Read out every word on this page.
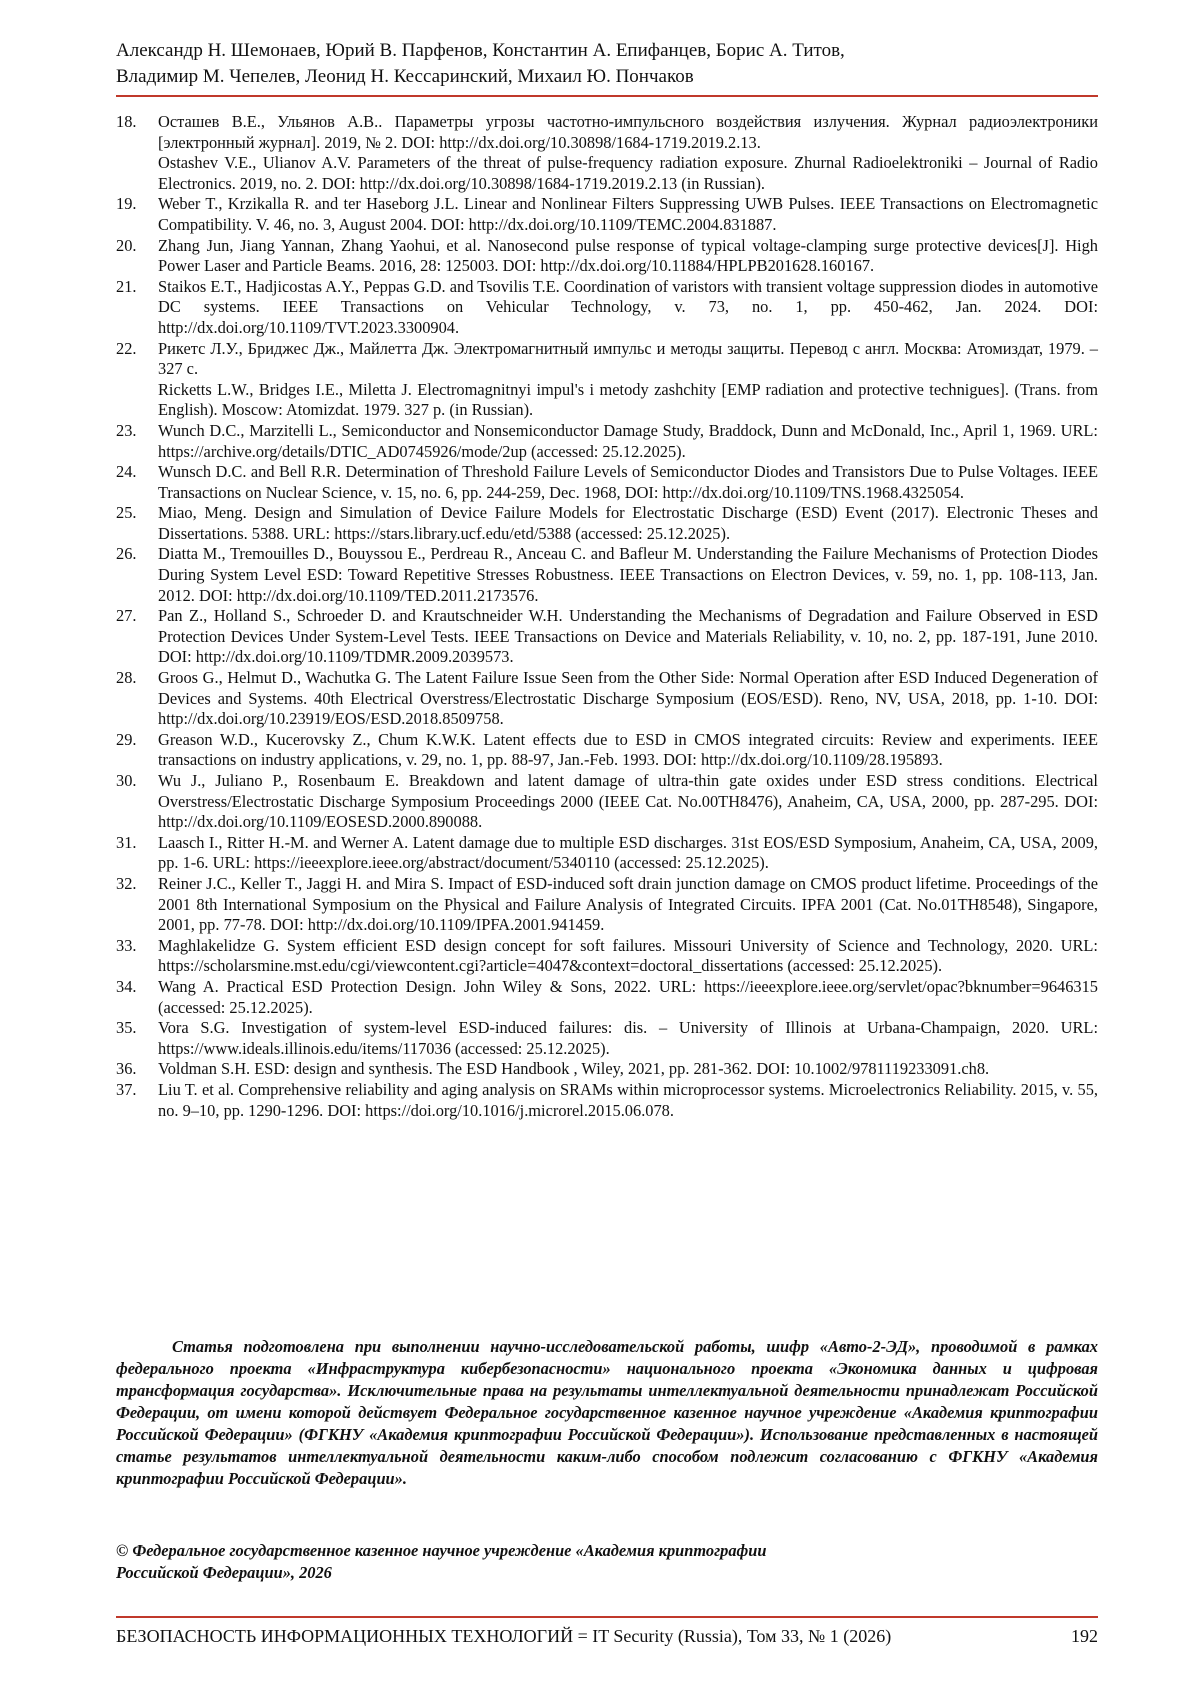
Александр Н. Шемонаев, Юрий В. Парфенов, Константин А. Епифанцев, Борис А. Титов,
Владимир М. Чепелев, Леонид Н. Кессаринский, Михаил Ю. Пончаков
18.	Осташев В.Е., Ульянов А.В.. Параметры угрозы частотно-импульсного воздействия излучения. Журнал радиоэлектроники [электронный журнал]. 2019, № 2. DOI: http://dx.doi.org/10.30898/1684-1719.2019.2.13.

Ostashev V.E., Ulianov A.V. Parameters of the threat of pulse-frequency radiation exposure. Zhurnal Radioelektroniki – Journal of Radio Electronics. 2019, no. 2. DOI: http://dx.doi.org/10.30898/1684-1719.2019.2.13 (in Russian).

19.	Weber T., Krzikalla R. and ter Haseborg J.L. Linear and Nonlinear Filters Suppressing UWB Pulses. IEEE Transactions on Electromagnetic Compatibility. V. 46, no. 3, August 2004. DOI: http://dx.doi.org/10.1109/TEMC.2004.831887.

20.	Zhang Jun, Jiang Yannan, Zhang Yaohui, et al. Nanosecond pulse response of typical voltage-clamping surge protective devices[J]. High Power Laser and Particle Beams. 2016, 28: 125003. DOI: http://dx.doi.org/10.11884/HPLPB201628.160167.

21.	Staikos E.T., Hadjicostas A.Y., Peppas G.D. and Tsovilis T.E. Coordination of varistors with transient voltage suppression diodes in automotive DC systems. IEEE Transactions on Vehicular Technology, v. 73, no. 1, pp. 450-462, Jan. 2024. DOI: http://dx.doi.org/10.1109/TVT.2023.3300904.

22.	Рикетс Л.У., Бриджес Дж., Майлетта Дж. Электромагнитный импульс и методы защиты. Перевод с англ. Москва: Атомиздат, 1979. – 327 с.

Ricketts L.W., Bridges I.E., Miletta J. Electromagnitnyi impul's i metody zashchity [EMP radiation and protective technigues]. (Trans. from English). Moscow: Atomizdat. 1979. 327 p. (in Russian).

23.	Wunch D.C., Marzitelli L., Semiconductor and Nonsemiconductor Damage Study, Braddock, Dunn and McDonald, Inc., April 1, 1969. URL: https://archive.org/details/DTIC_AD0745926/mode/2up (accessed: 25.12.2025).

24.	Wunsch D.C. and Bell R.R. Determination of Threshold Failure Levels of Semiconductor Diodes and Transistors Due to Pulse Voltages. IEEE Transactions on Nuclear Science, v. 15, no. 6, pp. 244-259, Dec. 1968, DOI: http://dx.doi.org/10.1109/TNS.1968.4325054.

25.	Miao, Meng. Design and Simulation of Device Failure Models for Electrostatic Discharge (ESD) Event (2017). Electronic Theses and Dissertations. 5388. URL: https://stars.library.ucf.edu/etd/5388 (accessed: 25.12.2025).

26.	Diatta M., Tremouilles D., Bouyssou E., Perdreau R., Anceau C. and Bafleur M. Understanding the Failure Mechanisms of Protection Diodes During System Level ESD: Toward Repetitive Stresses Robustness. IEEE Transactions on Electron Devices, v. 59, no. 1, pp. 108-113, Jan. 2012. DOI: http://dx.doi.org/10.1109/TED.2011.2173576.

27.	Pan Z., Holland S., Schroeder D. and Krautschneider W.H. Understanding the Mechanisms of Degradation and Failure Observed in ESD Protection Devices Under System-Level Tests. IEEE Transactions on Device and Materials Reliability, v. 10, no. 2, pp. 187-191, June 2010. DOI: http://dx.doi.org/10.1109/TDMR.2009.2039573.

28.	Groos G., Helmut D., Wachutka G. The Latent Failure Issue Seen from the Other Side: Normal Operation after ESD Induced Degeneration of Devices and Systems. 40th Electrical Overstress/Electrostatic Discharge Symposium (EOS/ESD). Reno, NV, USA, 2018, pp. 1-10. DOI: http://dx.doi.org/10.23919/EOS/ESD.2018.8509758.

29.	Greason W.D., Kucerovsky Z., Chum K.W.K. Latent effects due to ESD in CMOS integrated circuits: Review and experiments. IEEE transactions on industry applications, v. 29, no. 1, pp. 88-97, Jan.-Feb. 1993. DOI: http://dx.doi.org/10.1109/28.195893.

30.	Wu J., Juliano P., Rosenbaum E. Breakdown and latent damage of ultra-thin gate oxides under ESD stress conditions. Electrical Overstress/Electrostatic Discharge Symposium Proceedings 2000 (IEEE Cat. No.00TH8476), Anaheim, CA, USA, 2000, pp. 287-295. DOI: http://dx.doi.org/10.1109/EOSESD.2000.890088.

31.	Laasch I., Ritter H.-M. and Werner A. Latent damage due to multiple ESD discharges. 31st EOS/ESD Symposium, Anaheim, CA, USA, 2009, pp. 1-6. URL: https://ieeexplore.ieee.org/abstract/document/5340110 (accessed: 25.12.2025).

32.	Reiner J.C., Keller T., Jaggi H. and Mira S. Impact of ESD-induced soft drain junction damage on CMOS product lifetime. Proceedings of the 2001 8th International Symposium on the Physical and Failure Analysis of Integrated Circuits. IPFA 2001 (Cat. No.01TH8548), Singapore, 2001, pp. 77-78. DOI: http://dx.doi.org/10.1109/IPFA.2001.941459.

33.	Maghlakelidze G. System efficient ESD design concept for soft failures. Missouri University of Science and Technology, 2020. URL: https://scholarsmine.mst.edu/cgi/viewcontent.cgi?article=4047&context=doctoral_dissertations (accessed: 25.12.2025).

34.	Wang A. Practical ESD Protection Design. John Wiley & Sons, 2022. URL: https://ieeexplore.ieee.org/servlet/opac?bknumber=9646315 (accessed: 25.12.2025).

35.	Vora S.G. Investigation of system-level ESD-induced failures: dis. – University of Illinois at Urbana-Champaign, 2020. URL: https://www.ideals.illinois.edu/items/117036 (accessed: 25.12.2025).

36.	Voldman S.H. ESD: design and synthesis. The ESD Handbook , Wiley, 2021, pp. 281-362. DOI: 10.1002/9781119233091.ch8.

37.	Liu T. et al. Comprehensive reliability and aging analysis on SRAMs within microprocessor systems. Microelectronics Reliability. 2015, v. 55, no. 9–10, pp. 1290-1296. DOI: https://doi.org/10.1016/j.microrel.2015.06.078.

Статья подготовлена при выполнении научно-исследовательской работы, шифр «Авто-2-ЭД», проводимой в рамках федерального проекта «Инфраструктура кибербезопасности» национального проекта «Экономика данных и цифровая трансформация государства». Исключительные права на результаты интеллектуальной деятельности принадлежат Российской Федерации, от имени которой действует Федеральное государственное казенное научное учреждение «Академия криптографии Российской Федерации» (ФГКНУ «Академия криптографии Российской Федерации»). Использование представленных в настоящей статье результатов интеллектуальной деятельности каким-либо способом подлежит согласованию с ФГКНУ «Академия криптографии Российской Федерации».

© Федеральное государственное казенное научное учреждение «Академия криптографии
Российской Федерации», 2026
БЕЗОПАСНОСТЬ ИНФОРМАЦИОННЫХ ТЕХНОЛОГИЙ = IT Security (Russia), Том 33, № 1 (2026)	192
